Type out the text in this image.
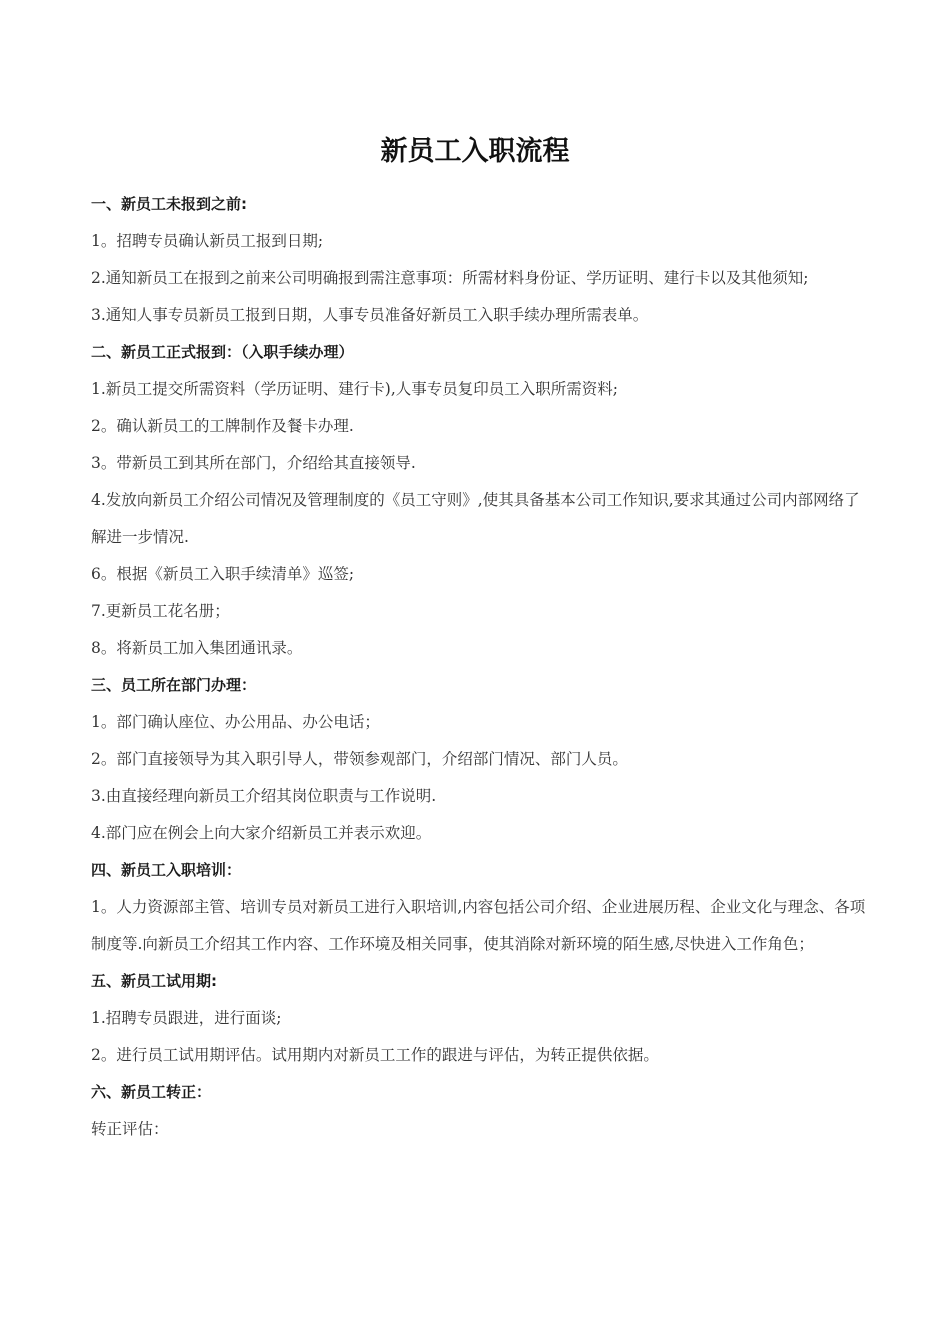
新员工入职流程
一、新员工未报到之前:
1。招聘专员确认新员工报到日期;
2.通知新员工在报到之前来公司明确报到需注意事项：所需材料身份证、学历证明、建行卡以及其他须知;
3.通知人事专员新员工报到日期，人事专员准备好新员工入职手续办理所需表单。
二、新员工正式报到：（入职手续办理）
1.新员工提交所需资料（学历证明、建行卡),人事专员复印员工入职所需资料;
2。确认新员工的工牌制作及餐卡办理.
3。带新员工到其所在部门，介绍给其直接领导.
4.发放向新员工介绍公司情况及管理制度的《员工守则》,使其具备基本公司工作知识,要求其通过公司内部网络了解进一步情况.
6。根据《新员工入职手续清单》巡签;
7.更新员工花名册；
8。将新员工加入集团通讯录。
三、员工所在部门办理：
1。部门确认座位、办公用品、办公电话；
2。部门直接领导为其入职引导人，带领参观部门，介绍部门情况、部门人员。
3.由直接经理向新员工介绍其岗位职责与工作说明.
4.部门应在例会上向大家介绍新员工并表示欢迎。
四、新员工入职培训：
1。人力资源部主管、培训专员对新员工进行入职培训,内容包括公司介绍、企业进展历程、企业文化与理念、各项制度等.向新员工介绍其工作内容、工作环境及相关同事，使其消除对新环境的陌生感,尽快进入工作角色；
五、新员工试用期:
1.招聘专员跟进，进行面谈;
2。进行员工试用期评估。试用期内对新员工工作的跟进与评估，为转正提供依据。
六、新员工转正：
转正评估：
